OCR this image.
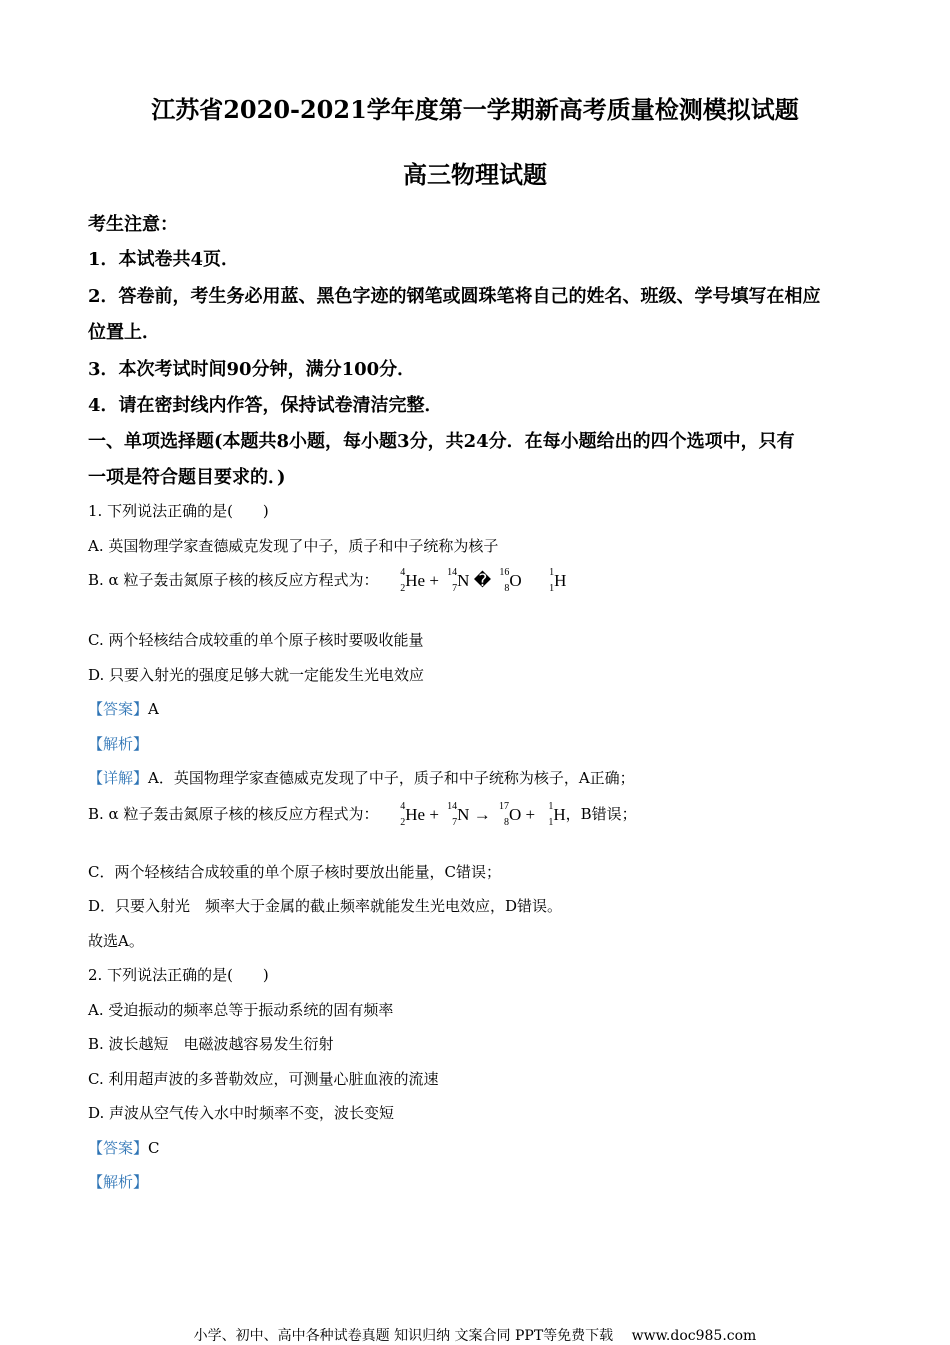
江苏省2020-2021学年度第一学期新高考质量检测模拟试题
高三物理试题
考生注意：
1．本试卷共4页．
2．答卷前，考生务必用蓝、黑色字迹的钢笔或圆珠笔将自己的姓名、班级、学号填写在相应
位置上．
3．本次考试时间90分钟，满分100分．
4．请在密封线内作答，保持试卷清洁完整．
一、单项选择题(本题共8小题，每小题3分，共24分．在每小题给出的四个选项中，只有
一项是符合题目要求的．)
1. 下列说法正确的是(　　)
A. 英国物理学家查德威克发现了中子，质子和中子统称为核子
B. α 粒子轰击氮原子核的核反应方程式为： 4
2 He + 14
7 N � 16
8 O	1
1 H
C. 两个轻核结合成较重的单个原子核时要吸收能量
D. 只要入射光的强度足够大就一定能发生光电效应
【答案】A
【解析】
【详解】A．英国物理学家查德威克发现了中子，质子和中子统称为核子，A正确；
B. α 粒子轰击氮原子核的核反应方程式为： 4
2 He + 14
7 N → 17
8 O + 1
1 H，B错误；
C．两个轻核结合成较重的单个原子核时要放出能量，C错误；
D．只要入射光　频率大于金属的截止频率就能发生光电效应，D错误。
故选A。
2. 下列说法正确的是(　　)
A. 受迫振动的频率总等于振动系统的固有频率
B. 波长越短　电磁波越容易发生衍射
C. 利用超声波的多普勒效应，可测量心脏血液的流速
D. 声波从空气传入水中时频率不变，波长变短
【答案】C
【解析】
小学、初中、高中各种试卷真题 知识归纳 文案合同 PPT等免费下载　 www.doc985.com
